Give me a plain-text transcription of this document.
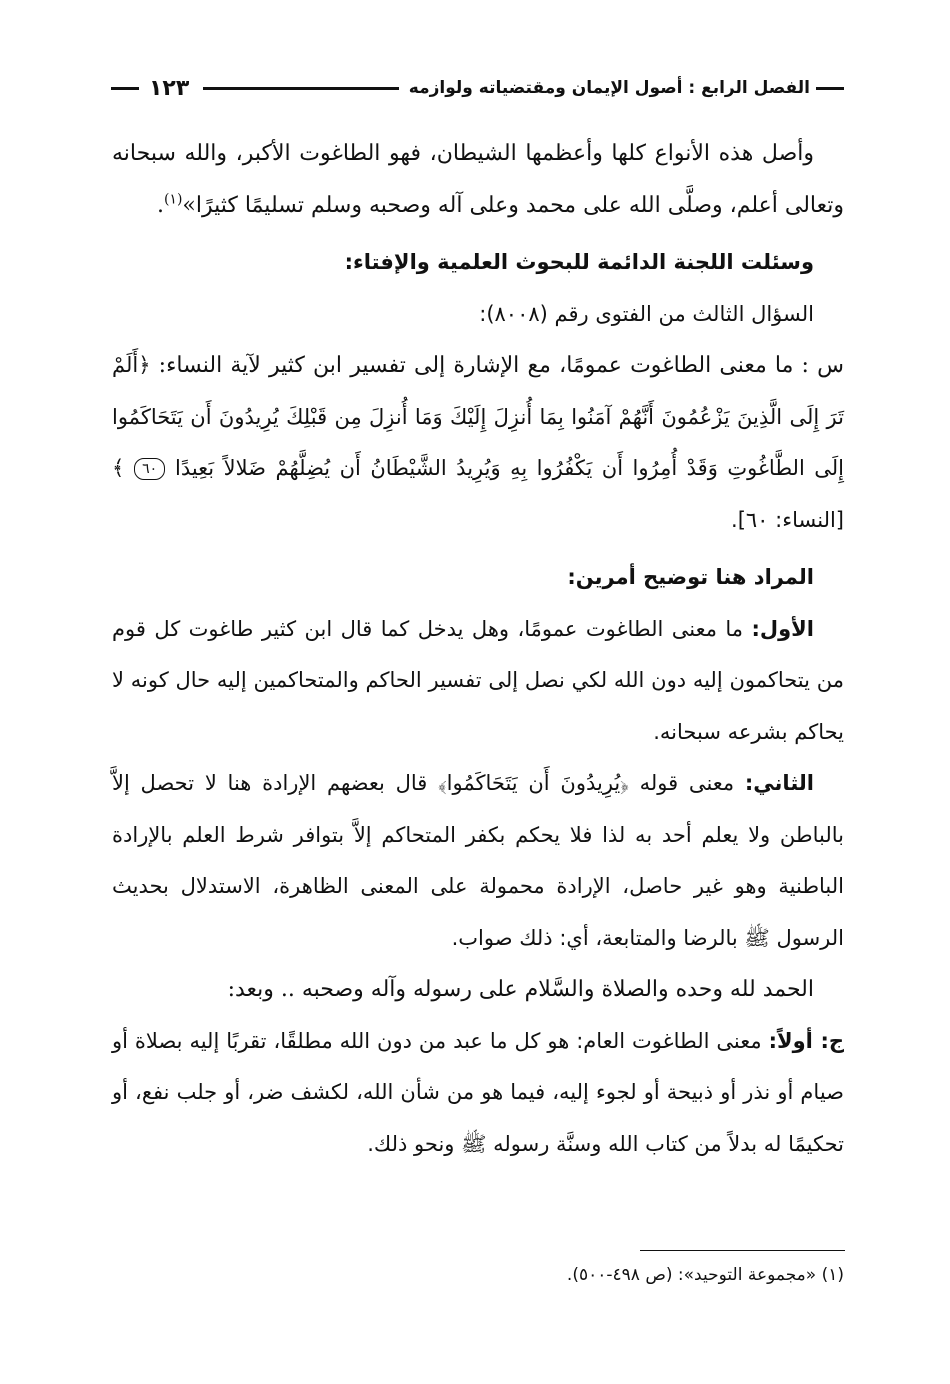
الفصل الرابع : أصول الإيمان ومقتضياته ولوازمه
١٢٣

وأصل هذه الأنواع كلها وأعظمها الشيطان، فهو الطاغوت الأكبر، والله سبحانه وتعالى أعلم، وصلَّى الله على محمد وعلى آله وصحبه وسلم تسليمًا كثيرًا»$^{(١)}$.

وسئلت اللجنة الدائمة للبحوث العلمية والإفتاء:

السؤال الثالث من الفتوى رقم (٨٠٠٨):

س : ما معنى الطاغوت عمومًا، مع الإشارة إلى تفسير ابن كثير لآية النساء: ﴿أَلَمْ تَرَ إِلَى الَّذِينَ يَزْعُمُونَ أَنَّهُمْ آمَنُوا بِمَا أُنزِلَ إِلَيْكَ وَمَا أُنزِلَ مِن قَبْلِكَ يُرِيدُونَ أَن يَتَحَاكَمُوا إِلَى الطَّاغُوتِ وَقَدْ أُمِرُوا أَن يَكْفُرُوا بِهِ وَيُرِيدُ الشَّيْطَانُ أَن يُضِلَّهُمْ ضَلالاً بَعِيدًا ٦٠ ﴾ [النساء: ٦٠].

المراد هنا توضيح أمرين:

الأول: ما معنى الطاغوت عمومًا، وهل يدخل كما قال ابن كثير طاغوت كل قوم من يتحاكمون إليه دون الله لكي نصل إلى تفسير الحاكم والمتحاكمين إليه حال كونه لا يحاكم بشرعه سبحانه.

الثاني: معنى قوله ﴿يُرِيدُونَ أَن يَتَحَاكَمُوا﴾ قال بعضهم الإرادة هنا لا تحصل إلاَّ بالباطن ولا يعلم أحد به لذا فلا يحكم بكفر المتحاكم إلاَّ بتوافر شرط العلم بالإرادة الباطنية وهو غير حاصل، الإرادة محمولة على المعنى الظاهرة، الاستدلال بحديث الرسول ﷺ بالرضا والمتابعة، أي: ذلك صواب.

الحمد لله وحده والصلاة والسَّلام على رسوله وآله وصحبه .. وبعد:

ج: أولاً: معنى الطاغوت العام: هو كل ما عبد من دون الله مطلقًا، تقربًا إليه بصلاة أو صيام أو نذر أو ذبيحة أو لجوء إليه، فيما هو من شأن الله، لكشف ضر، أو جلب نفع، أو تحكيمًا له بدلاً من كتاب الله وسنَّة رسوله ﷺ ونحو ذلك.

(١) «مجموعة التوحيد»: (ص ٤٩٨-٥٠٠).
